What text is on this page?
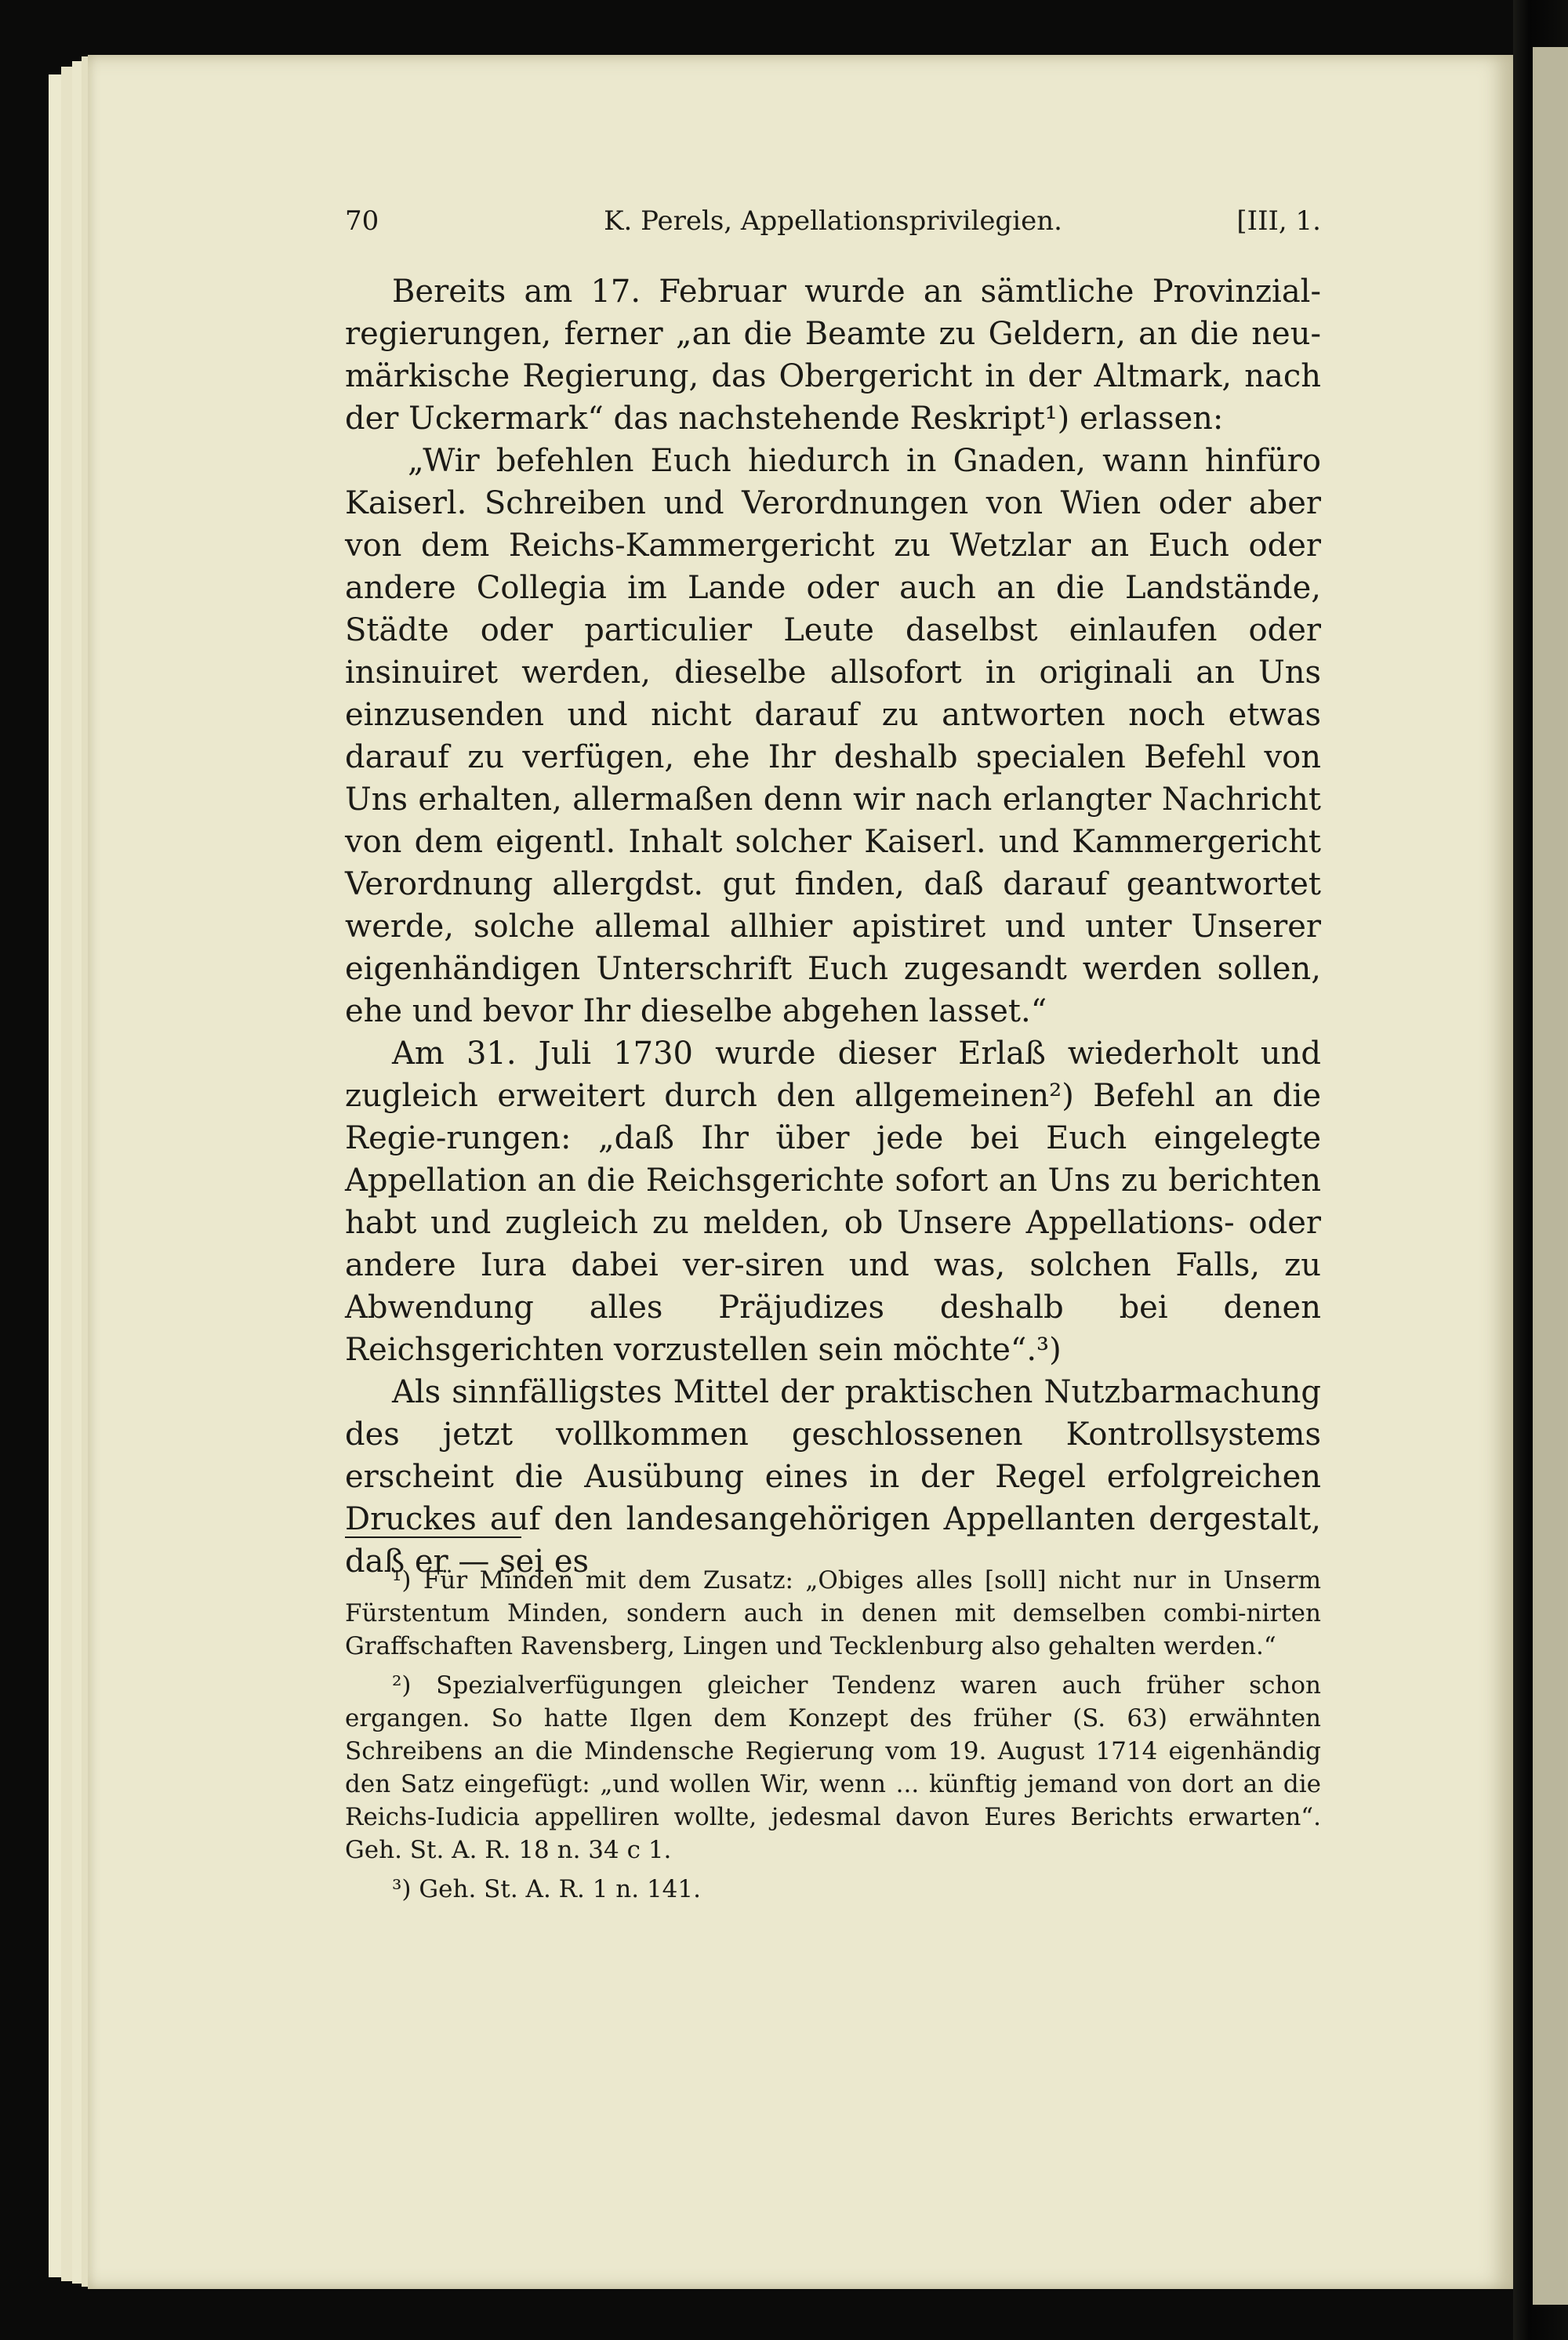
70	K. Perels, Appellationsprivilegien.	[III, 1.

Bereits am 17. Februar wurde an sämtliche Provinzial-regierungen, ferner „an die Beamte zu Geldern, an die neu-märkische Regierung, das Obergericht in der Altmark, nach der Uckermark“ das nachstehende Reskript¹) erlassen:

„Wir befehlen Euch hiedurch in Gnaden, wann hinfüro Kaiserl. Schreiben und Verordnungen von Wien oder aber von dem Reichs-Kammergericht zu Wetzlar an Euch oder andere Collegia im Lande oder auch an die Landstände, Städte oder particulier Leute daselbst einlaufen oder insinuiret werden, dieselbe allsofort in originali an Uns einzusenden und nicht darauf zu antworten noch etwas darauf zu verfügen, ehe Ihr deshalb specialen Befehl von Uns erhalten, allermaßen denn wir nach erlangter Nachricht von dem eigentl. Inhalt solcher Kaiserl. und Kammergericht Verordnung allergdst. gut finden, daß darauf geantwortet werde, solche allemal allhier apistiret und unter Unserer eigenhändigen Unterschrift Euch zugesandt werden sollen, ehe und bevor Ihr dieselbe abgehen lasset.“

Am 31. Juli 1730 wurde dieser Erlaß wiederholt und zugleich erweitert durch den allgemeinen²) Befehl an die Regie-rungen: „daß Ihr über jede bei Euch eingelegte Appellation an die Reichsgerichte sofort an Uns zu berichten habt und zugleich zu melden, ob Unsere Appellations- oder andere Iura dabei ver-siren und was, solchen Falls, zu Abwendung alles Präjudizes deshalb bei denen Reichsgerichten vorzustellen sein möchte“.³)

Als sinnfälligstes Mittel der praktischen Nutzbarmachung des jetzt vollkommen geschlossenen Kontrollsystems erscheint die Ausübung eines in der Regel erfolgreichen Druckes auf den landesangehörigen Appellanten dergestalt, daß er — sei es

¹) Für Minden mit dem Zusatz: „Obiges alles [soll] nicht nur in Unserm Fürstentum Minden, sondern auch in denen mit demselben combi-nirten Graffschaften Ravensberg, Lingen und Tecklenburg also gehalten werden.“

²) Spezialverfügungen gleicher Tendenz waren auch früher schon ergangen. So hatte Ilgen dem Konzept des früher (S. 63) erwähnten Schreibens an die Mindensche Regierung vom 19. August 1714 eigenhändig den Satz eingefügt: „und wollen Wir, wenn ... künftig jemand von dort an die Reichs-Iudicia appelliren wollte, jedesmal davon Eures Berichts erwarten“. Geh. St. A. R. 18 n. 34 c 1.

³) Geh. St. A. R. 1 n. 141.
